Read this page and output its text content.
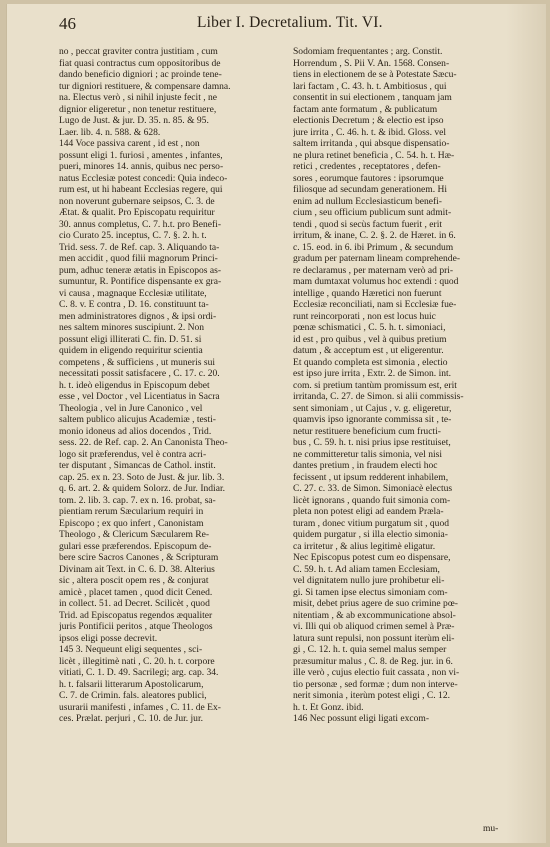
46	Liber I. Decretalium. Tit. VI.
no , peccat graviter contra justitiam , cum
fiat quasi contractus cum oppositoribus de
dando beneficio digniori ; ac proinde tene-
tur digniori restituere, & compensare damna.
na. Electus verò , si nihil injuste fecit , ne
dignior eligeretur , non tenetur restituere,
Lugo de Just. & jur. D. 35. n. 85. & 95.
Laer. lib. 4. n. 588. & 628.
144 Voce passiva carent , id est , non
possunt eligi 1. furiosi , amentes , infantes,
pueri, minores 14. annis, quibus nec perso-
natus Ecclesiæ potest concedi: Quia indeco-
rum est, ut hi habeant Ecclesias regere, qui
non noverunt gubernare seipsos, C. 3. de
Ætat. & qualit. Pro Episcopatu requiritur
30. annus completus, C. 7. h.t. pro Benefi-
cio Curato 25. inceptus, C. 7. §. 2. h. t.
Trid. sess. 7. de Ref. cap. 3. Aliquando ta-
men accidit , quod filii magnorum Princi-
pum, adhuc teneræ ætatis in Episcopos as-
sumuntur, R. Pontifice dispensante ex gra-
vi causa , magnaque Ecclesiæ utilitate,
C. 8. v. E contra , D. 16. constituunt ta-
men administratores dignos , & ipsi ordi-
nes saltem minores suscipiunt. 2. Non
possunt eligi illiterati C. fin. D. 51. si
quidem in eligendo requiritur scientia
competens , & sufficiens , ut muneris sui
necessitati possit satisfacere , C. 17. c. 20.
h. t. ideò eligendus in Episcopum debet
esse , vel Doctor , vel Licentiatus in Sacra
Theologia , vel in Jure Canonico , vel
saltem publico alicujus Academiæ , testi-
monio idoneus ad alios docendos , Trid.
sess. 22. de Ref. cap. 2. An Canonista Theo-
logo sit præferendus, vel è contra acri-
ter disputant , Simancas de Cathol. instit.
cap. 25. ex n. 23. Soto de Just. & jur. lib. 3.
q. 6. art. 2. & quidem Solorz. de Jur. Indiar.
tom. 2. lib. 3. cap. 7. ex n. 16. probat, sa-
pientiam rerum Sæcularium requiri in
Episcopo ; ex quo infert , Canonistam
Theologo , & Clericum Sæcularem Re-
gulari esse præferendos. Episcopum de-
bere scire Sacros Canones , & Scripturam
Divinam ait Text. in C. 6. D. 38. Alterius
sic , altera poscit opem res , & conjurat
amicè , placet tamen , quod dicit Cened.
in collect. 51. ad Decret. Scilicèt , quod
Trid. ad Episcopatus regendos æqualiter
juris Pontificii peritos , atque Theologos
ipsos eligi posse decrevit.
145 3. Nequeunt eligi sequentes , sci-
licèt , illegitimè nati , C. 20. h. t. corpore
vitiati, C. 1. D. 49. Sacrilegi; arg. cap. 34.
h. t. falsarii litterarum Apostolicarum,
C. 7. de Crimin. fals. aleatores publici,
usurarii manifesti , infames , C. 11. de Ex-
ces. Prælat. perjuri , C. 10. de Jur. jur.
Sodomiam frequentantes ; arg. Constit.
Horrendum , S. Pii V. An. 1568. Consen-
tiens in electionem de se à Potestate Sæcu-
lari factam , C. 43. h. t. Ambitiosus , qui
consentit in sui electionem , tanquam jam
factam ante formatum , & publicatum
electionis Decretum ; & electio est ipso
jure irrita , C. 46. h. t. & ibid. Gloss. vel
saltem irritanda , qui absque dispensatio-
ne plura retinet beneficia , C. 54. h. t. Hæ-
retici , credentes , receptatores , defen-
sores , eorumque fautores : ipsorumque
filiosque ad secundam generationem. Hi
enim ad nullum Ecclesiasticum benefi-
cium , seu officium publicum sunt admit-
tendi , quod si secùs factum fuerit , erit
irritum, & inane, C. 2. §. 2. de Hæret. in 6.
c. 15. eod. in 6. ibi Primum , & secundum
gradum per paternam lineam comprehende-
re declaramus , per maternam verò ad pri-
mam dumtaxat volumus hoc extendi : quod
intellige , quando Hæretici non fuerunt
Ecclesiæ reconciliati, nam si Ecclesiæ fue-
runt reincorporati , non est locus huic
pœnæ schismatici , C. 5. h. t. simoniaci,
id est , pro quibus , vel à quibus pretium
datum , & acceptum est , ut eligerentur.
Et quando completa est simonia , electio
est ipso jure irrita , Extr. 2. de Simon. int.
com. si pretium tantùm promissum est, erit
irritanda, C. 27. de Simon. si alii commissis-
sent simoniam , ut Cajus , v. g. eligeretur,
quamvis ipso ignorante commissa sit , te-
netur restituere beneficium cum fructi-
bus , C. 59. h. t. nisi prius ipse restituiset,
ne committeretur talis simonia, vel nisi
dantes pretium , in fraudem electi hoc
fecissent , ut ipsum redderent inhabilem,
C. 27. c. 33. de Simon. Simoniacè electus
licèt ignorans , quando fuit simonia com-
pleta non potest eligi ad eandem Præla-
turam , donec vitium purgatum sit , quod
quidem purgatur , si illa electio simonia-
ca irritetur , & alius legitimè eligatur.
Nec Episcopus potest cum eo dispensare,
C. 59. h. t. Ad aliam tamen Ecclesiam,
vel dignitatem nullo jure prohibetur eli-
gi. Si tamen ipse electus simoniam com-
misit, debet prius agere de suo crimine pœ-
nitentiam , & ab excommunicatione absol-
vi. Illi qui ob aliquod crimen semel à Præ-
latura sunt repulsi, non possunt iterùm eli-
gi , C. 12. h. t. quia semel malus semper
præsumitur malus , C. 8. de Reg. jur. in 6.
ille verò , cujus electio fuit cassata , non vi-
tio personæ , sed formæ ; dum non interve-
nerit simonia , iterùm potest eligi , C. 12.
h. t. Et Gonz. ibid.
146 Nec possunt eligi ligati excom-
mu-
